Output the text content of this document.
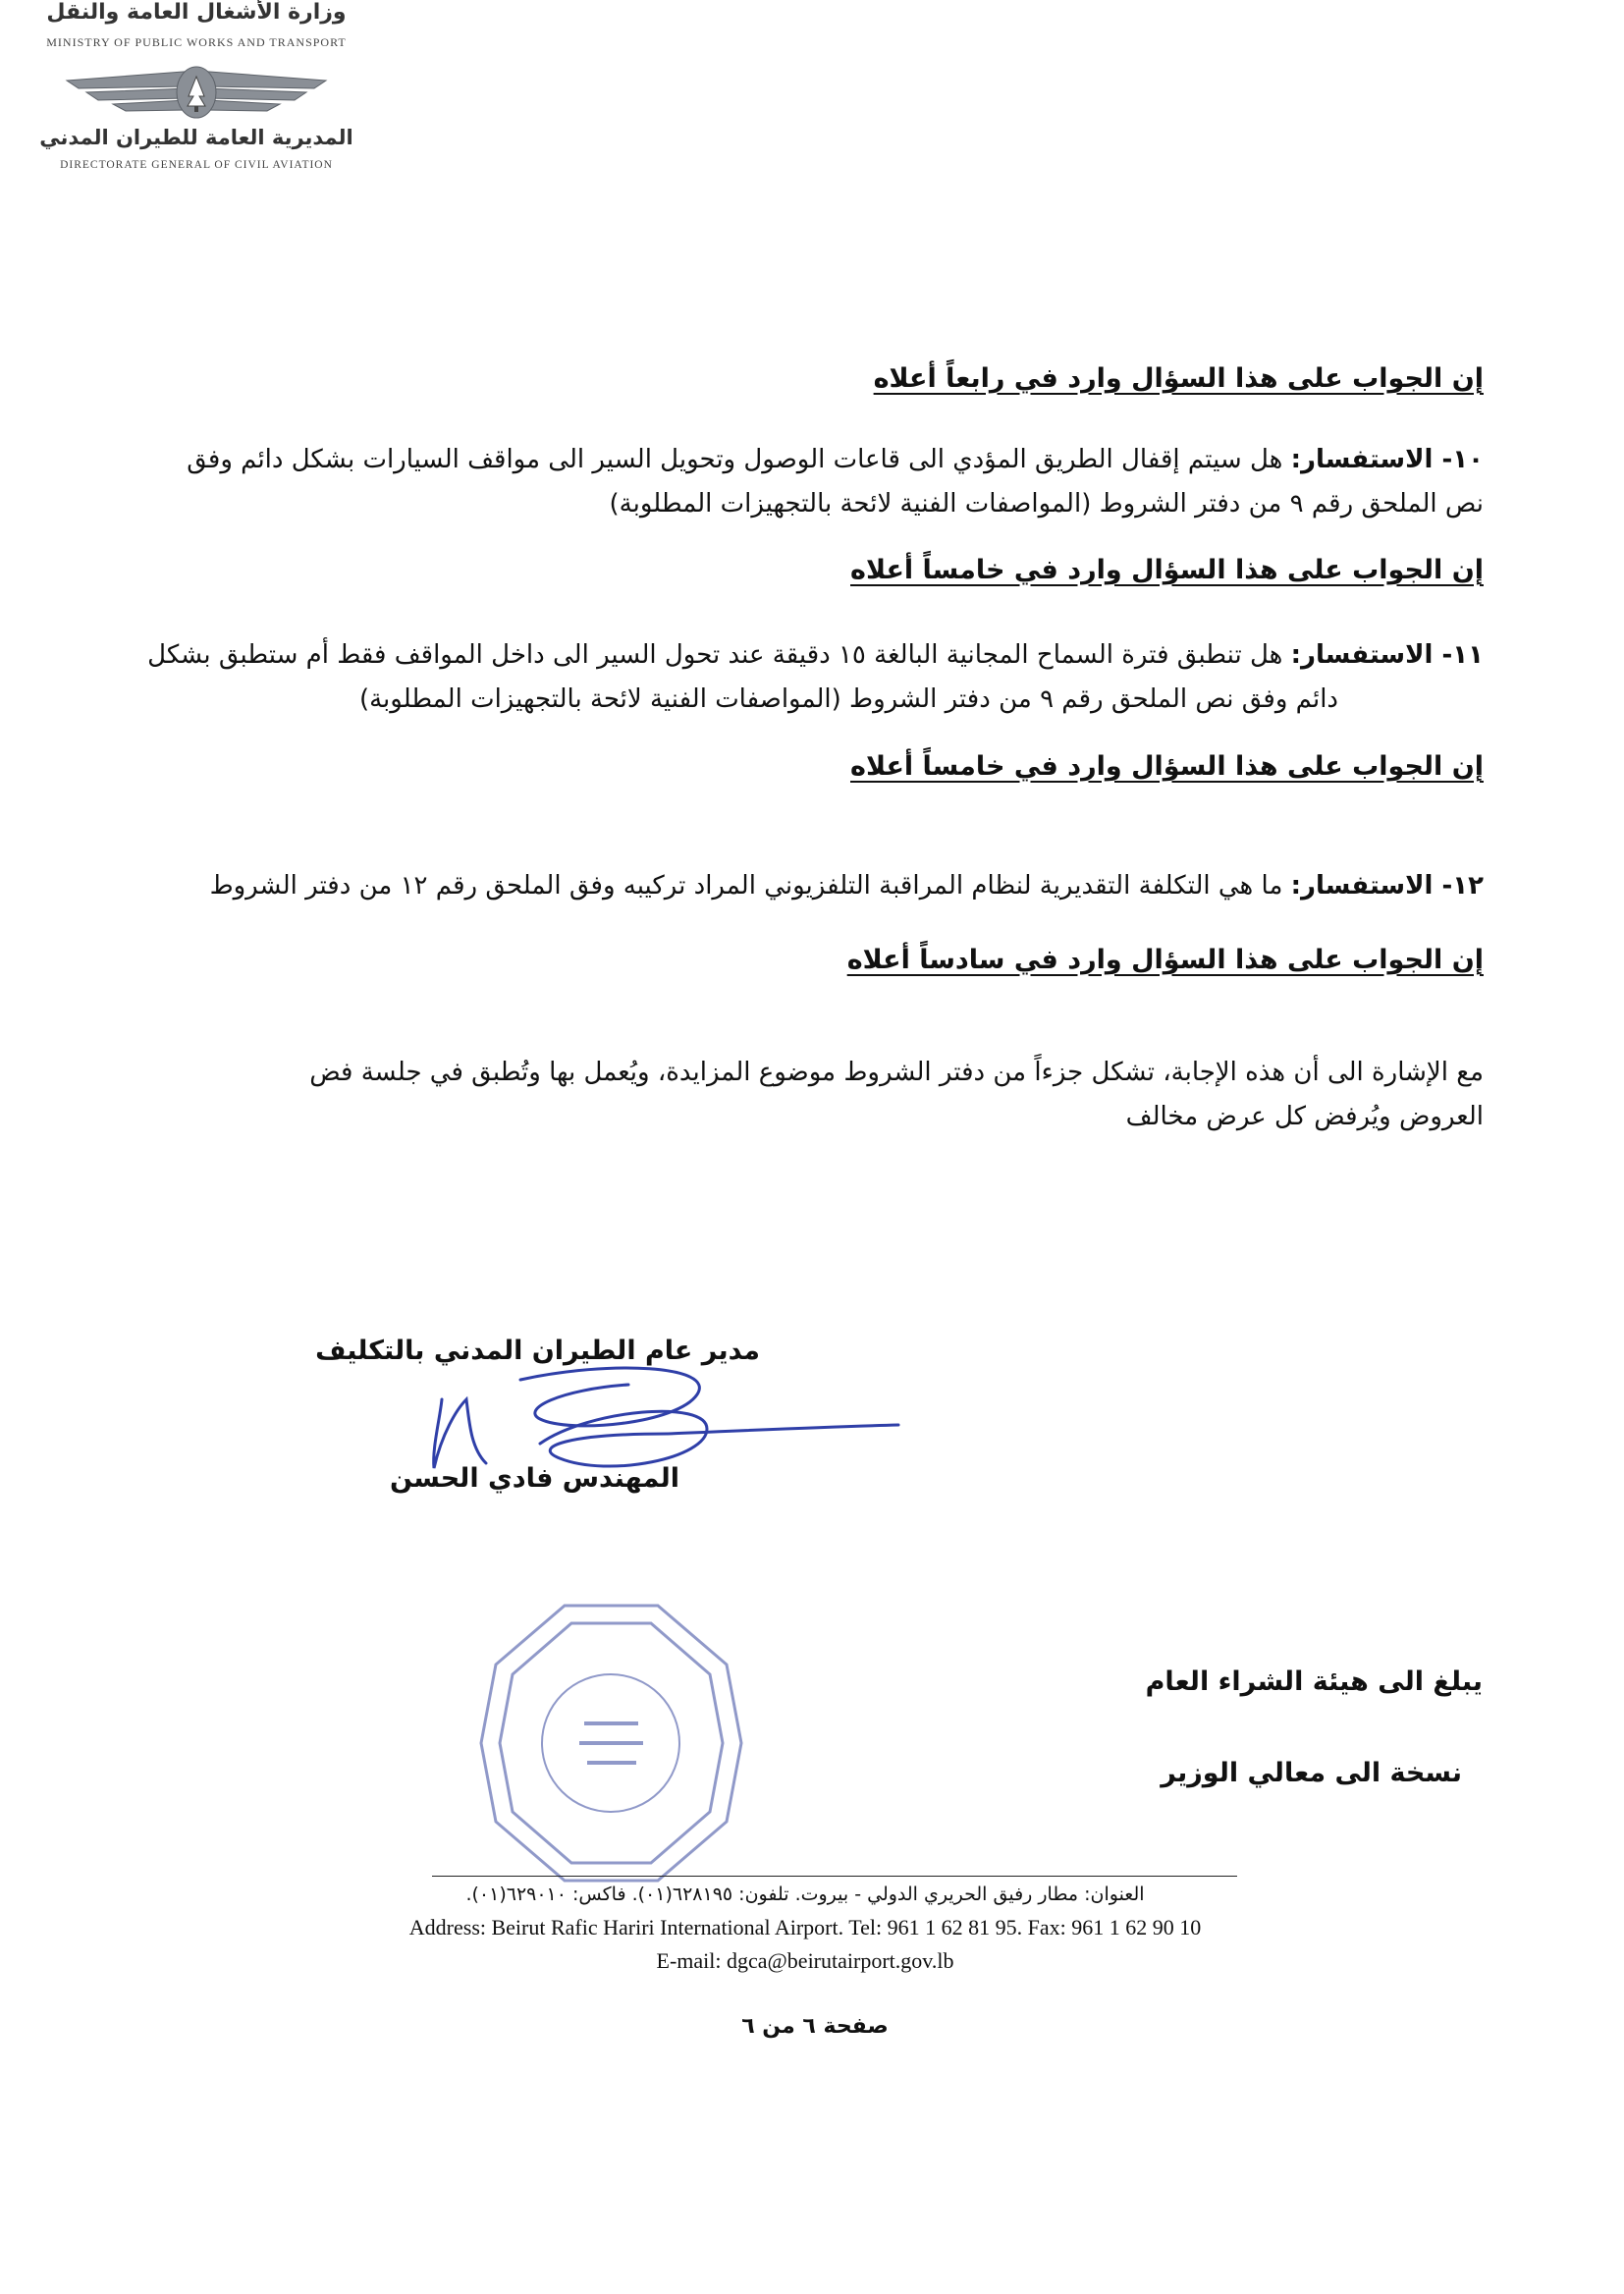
وزارة الأشغال العامة والنقل
MINISTRY OF PUBLIC WORKS AND TRANSPORT
المديرية العامة للطيران المدني
DIRECTORATE GENERAL OF CIVIL AVIATION
إن الجواب على هذا السؤال وارد في رابعاً أعلاه
١٠- الاستفسار: هل سيتم إقفال الطريق المؤدي الى قاعات الوصول وتحويل السير الى مواقف السيارات بشكل دائم وفق
نص الملحق رقم ٩ من دفتر الشروط (المواصفات الفنية لائحة بالتجهيزات المطلوبة)
إن الجواب على هذا السؤال وارد في خامساً أعلاه
١١- الاستفسار: هل تنطبق فترة السماح المجانية البالغة ١٥ دقيقة عند تحول السير الى داخل المواقف فقط أم ستطبق بشكل
دائم وفق نص الملحق رقم ٩ من دفتر الشروط (المواصفات الفنية لائحة بالتجهيزات المطلوبة)
إن الجواب على هذا السؤال وارد في خامساً أعلاه
١٢- الاستفسار: ما هي التكلفة التقديرية لنظام المراقبة التلفزيوني المراد تركيبه وفق الملحق رقم ١٢ من دفتر الشروط
إن الجواب على هذا السؤال وارد في سادساً أعلاه
مع الإشارة الى أن هذه الإجابة، تشكل جزءاً من دفتر الشروط موضوع المزايدة، ويُعمل بها وتُطبق في جلسة فض
العروض ويُرفض كل عرض مخالف
مدير عام الطيران المدني بالتكليف
المهندس فادي الحسن
يبلغ الى هيئة الشراء العام
نسخة الى معالي الوزير
العنوان: مطار رفيق الحريري الدولي - بيروت. تلفون: ٦٢٨١٩٥(٠١). فاكس: ٦٢٩٠١٠(٠١).
Address: Beirut Rafic Hariri International Airport. Tel: 961 1 62 81 95. Fax: 961 1 62 90 10
E-mail: dgca@beirutairport.gov.lb
صفحة ٦ من ٦
